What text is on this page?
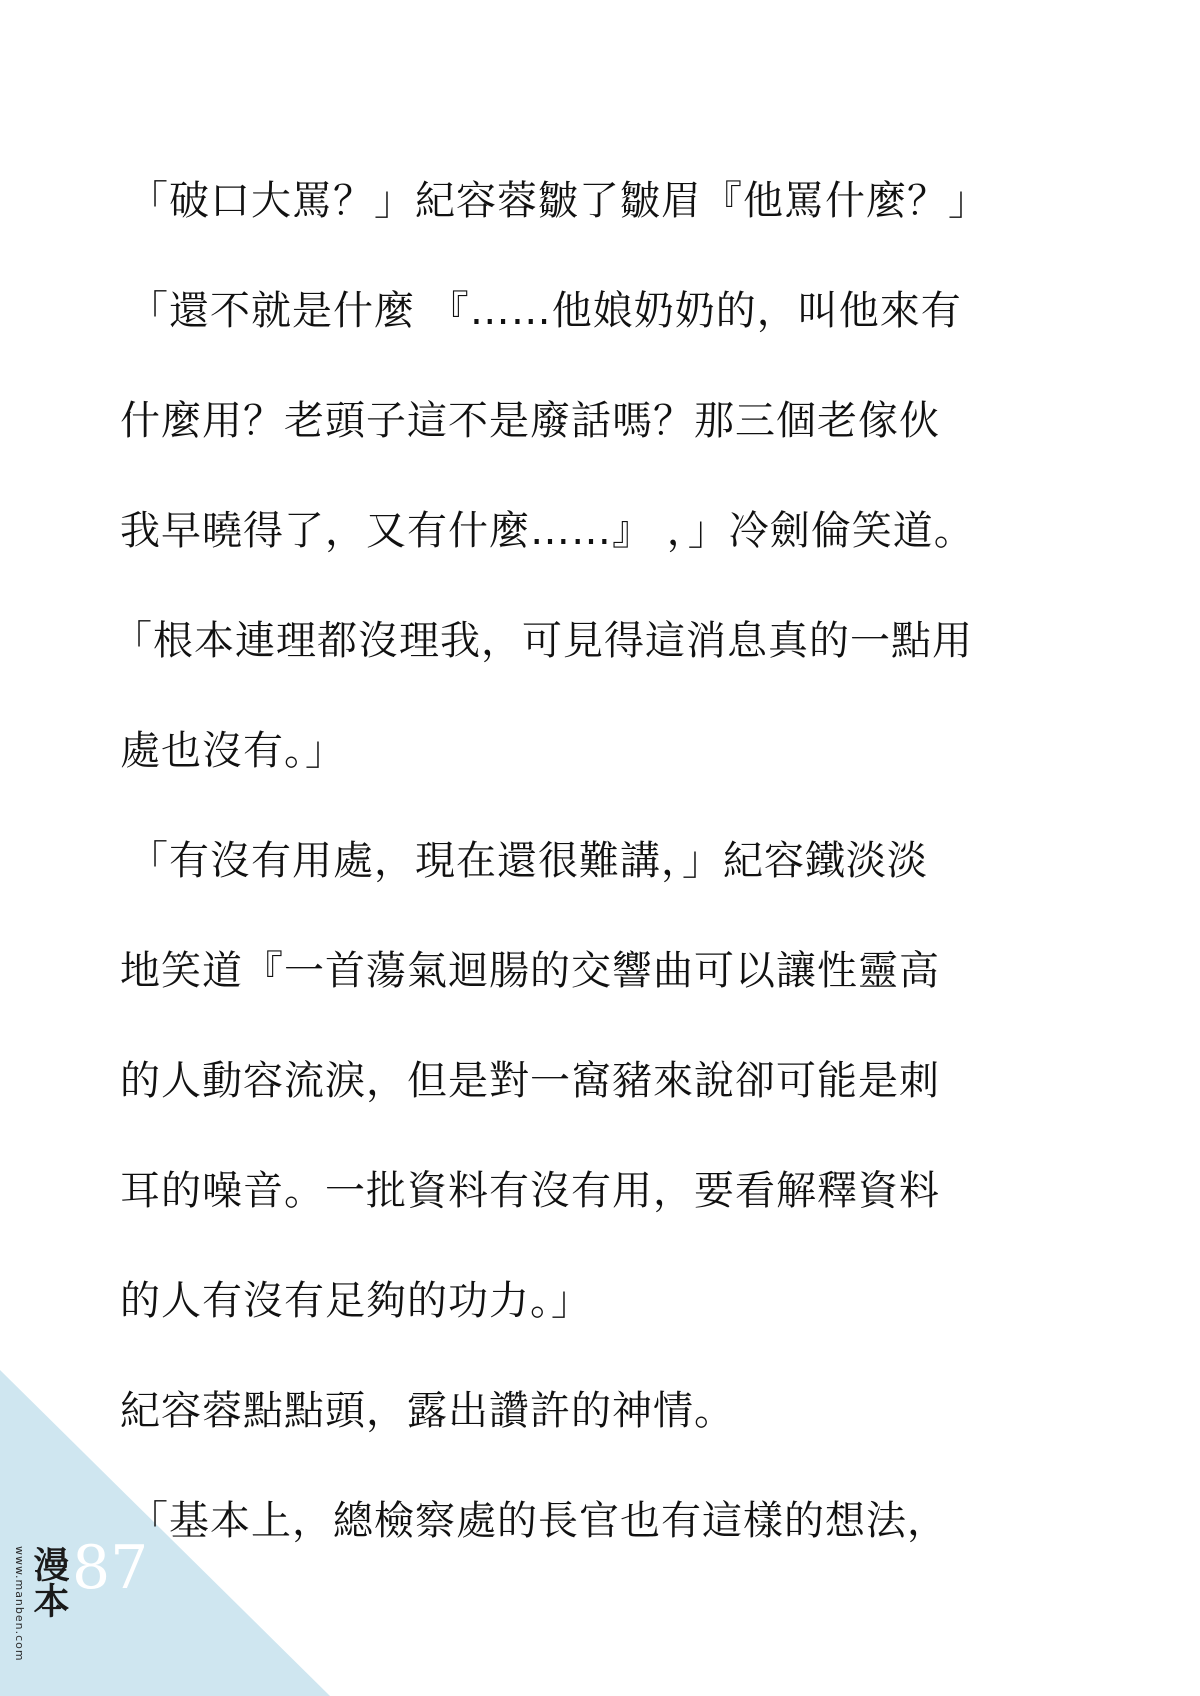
「破口大罵？」紀容蓉皺了皺眉『他罵什麼？」

「還不就是什麼 『……他娘奶奶的，叫他來有

什麼用？老頭子這不是廢話嗎？那三個老傢伙

我早曉得了，又有什麼……』 ，」冷劍倫笑道。

「根本連理都沒理我，可見得這消息真的一點用

處也沒有。」

「有沒有用處，現在還很難講，」紀容鐵淡淡

地笑道『一首蕩氣迴腸的交響曲可以讓性靈高

的人動容流淚，但是對一窩豬來說卻可能是刺

耳的噪音。一批資料有沒有用，要看解釋資料

的人有沒有足夠的功力。」

紀容蓉點點頭，露出讚許的神情。

「基本上，總檢察處的長官也有這樣的想法，

87
www.manben.com 漫本
